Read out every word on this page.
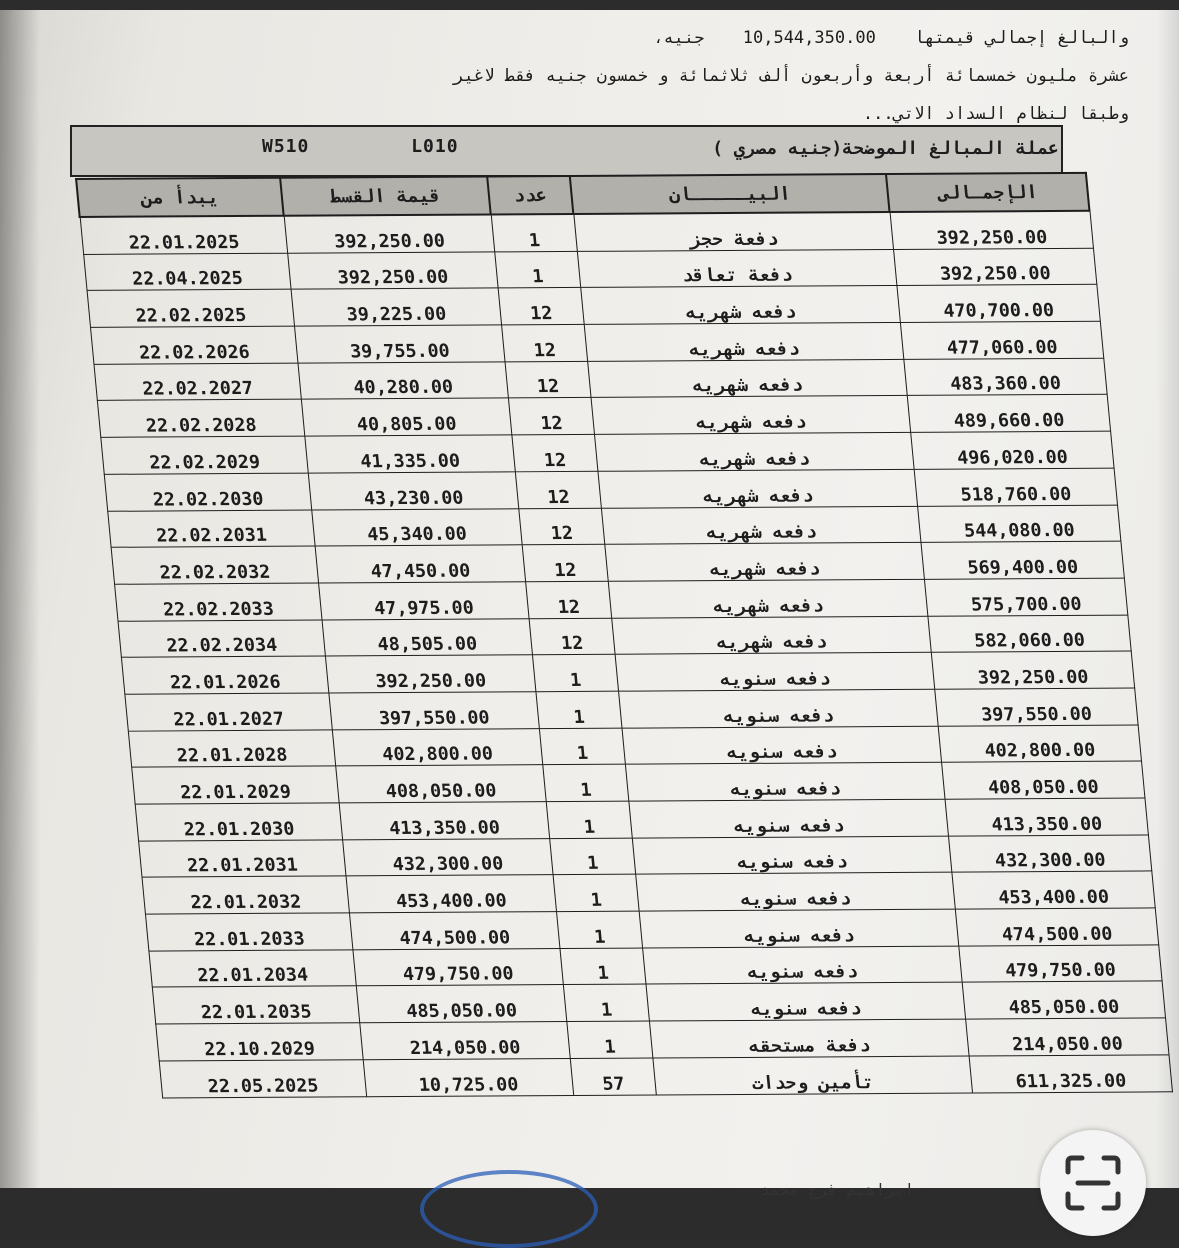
والبالغ إجمالي قيمتها 10,544,350.00 جنيه،
عشرة مليون خمسمائة أربعة وأربعون ألف ثلاثمائة و خمسون جنيه فقط لاغير
وطبقا لنظام السداد الاتي...
W510	L010	عملة المبالغ الموضحة(جنيه مصري )
يبدأ من	قيمة القسط	عدد	البيـــــان	الإجمـالى
22.01.2025	392,250.00	1	دفعة حجز	392,250.00
22.04.2025	392,250.00	1	دفعة تعاقد	392,250.00
22.02.2025	39,225.00	12	دفعه شهريه	470,700.00
22.02.2026	39,755.00	12	دفعه شهريه	477,060.00
22.02.2027	40,280.00	12	دفعه شهريه	483,360.00
22.02.2028	40,805.00	12	دفعه شهريه	489,660.00
22.02.2029	41,335.00	12	دفعه شهريه	496,020.00
22.02.2030	43,230.00	12	دفعه شهريه	518,760.00
22.02.2031	45,340.00	12	دفعه شهريه	544,080.00
22.02.2032	47,450.00	12	دفعه شهريه	569,400.00
22.02.2033	47,975.00	12	دفعه شهريه	575,700.00
22.02.2034	48,505.00	12	دفعه شهريه	582,060.00
22.01.2026	392,250.00	1	دفعه سنويه	392,250.00
22.01.2027	397,550.00	1	دفعه سنويه	397,550.00
22.01.2028	402,800.00	1	دفعه سنويه	402,800.00
22.01.2029	408,050.00	1	دفعه سنويه	408,050.00
22.01.2030	413,350.00	1	دفعه سنويه	413,350.00
22.01.2031	432,300.00	1	دفعه سنويه	432,300.00
22.01.2032	453,400.00	1	دفعه سنويه	453,400.00
22.01.2033	474,500.00	1	دفعه سنويه	474,500.00
22.01.2034	479,750.00	1	دفعه سنويه	479,750.00
22.01.2035	485,050.00	1	دفعه سنويه	485,050.00
22.10.2029	214,050.00	1	دفعة مستحقه	214,050.00
22.05.2025	10,725.00	57	تأمين وحدات	611,325.00
ابراهيم فرج محمد
